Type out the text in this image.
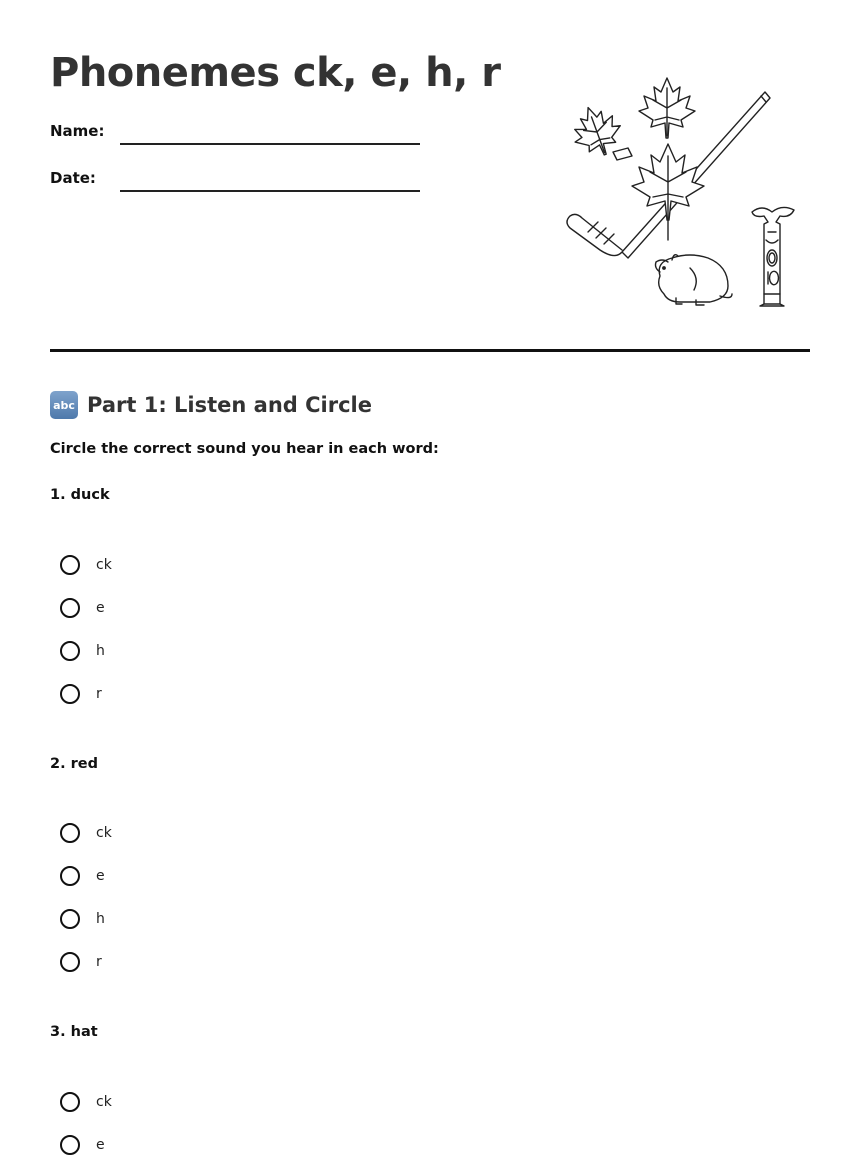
Phonemes ck, e, h, r
Name:
Date:
abc Part 1: Listen and Circle
Circle the correct sound you hear in each word:
1. duck
ck
e
h
r
2. red
ck
e
h
r
3. hat
ck
e
